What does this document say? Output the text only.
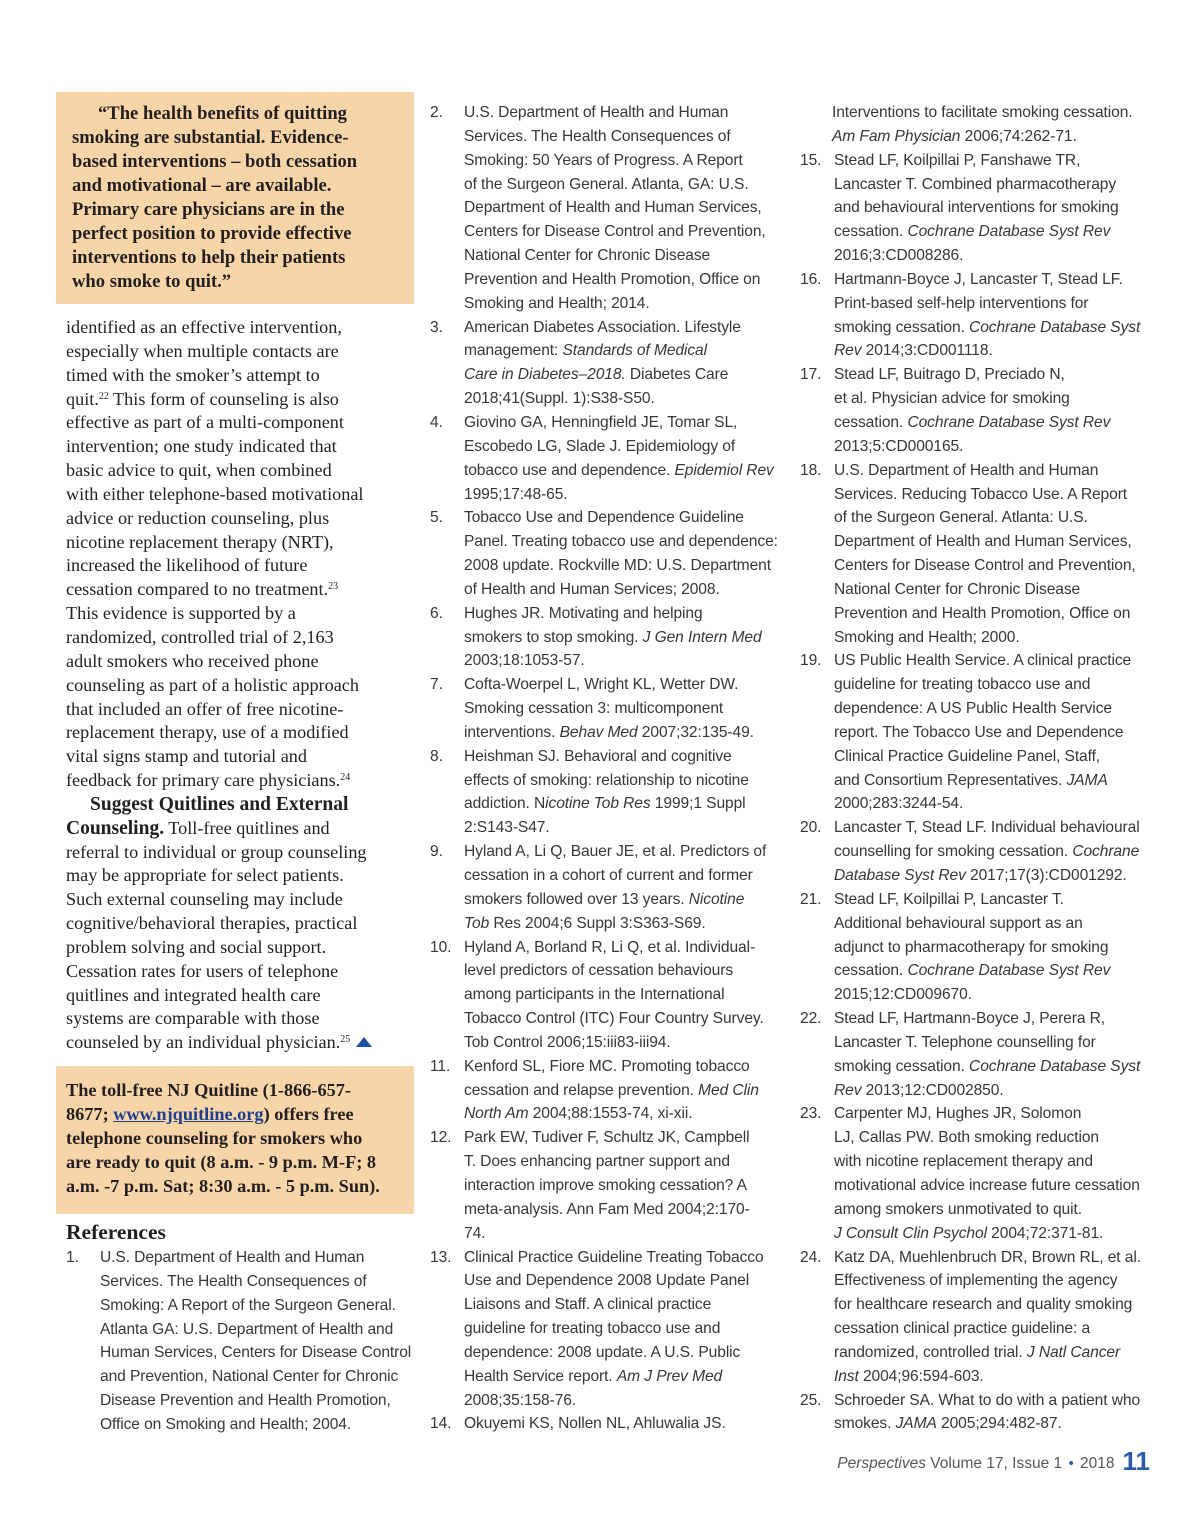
“The health benefits of quitting
smoking are substantial. Evidence-
based interventions – both cessation
and motivational – are available.
Primary care physicians are in the
perfect position to provide effective
interventions to help their patients
who smoke to quit.”
identified as an effective intervention,
especially when multiple contacts are
timed with the smoker’s attempt to
quit.$^{22}$ This form of counseling is also
effective as part of a multi-component
intervention; one study indicated that
basic advice to quit, when combined
with either telephone-based motivational
advice or reduction counseling, plus
nicotine replacement therapy (NRT),
increased the likelihood of future
cessation compared to no treatment.$^{23}$
This evidence is supported by a
randomized, controlled trial of 2,163
adult smokers who received phone
counseling as part of a holistic approach
that included an offer of free nicotine-
replacement therapy, use of a modified
vital signs stamp and tutorial and
feedback for primary care physicians.$^{24}$
Suggest Quitlines and External
Counseling. Toll-free quitlines and
referral to individual or group counseling
may be appropriate for select patients.
Such external counseling may include
cognitive/behavioral therapies, practical
problem solving and social support.
Cessation rates for users of telephone
quitlines and integrated health care
systems are comparable with those
counseled by an individual physician.$^{25}$
The toll-free NJ Quitline (1-866-657-
8677; www.njquitline.org) offers free
telephone counseling for smokers who
are ready to quit (8 a.m. - 9 p.m. M-F; 8
a.m. -7 p.m. Sat; 8:30 a.m. - 5 p.m. Sun).
References
1. U.S. Department of Health and Human
Services. The Health Consequences of
Smoking: A Report of the Surgeon General.
Atlanta GA: U.S. Department of Health and
Human Services, Centers for Disease Control
and Prevention, National Center for Chronic
Disease Prevention and Health Promotion,
Office on Smoking and Health; 2004.
2. U.S. Department of Health and Human
Services. The Health Consequences of
Smoking: 50 Years of Progress. A Report
of the Surgeon General. Atlanta, GA: U.S.
Department of Health and Human Services,
Centers for Disease Control and Prevention,
National Center for Chronic Disease
Prevention and Health Promotion, Office on
Smoking and Health; 2014.
3. American Diabetes Association. Lifestyle
management: Standards of Medical
Care in Diabetes–2018. Diabetes Care
2018;41(Suppl. 1):S38-S50.
4. Giovino GA, Henningfield JE, Tomar SL,
Escobedo LG, Slade J. Epidemiology of
tobacco use and dependence. Epidemiol Rev
1995;17:48-65.
5. Tobacco Use and Dependence Guideline
Panel. Treating tobacco use and dependence:
2008 update. Rockville MD: U.S. Department
of Health and Human Services; 2008.
6. Hughes JR. Motivating and helping
smokers to stop smoking. J Gen Intern Med
2003;18:1053-57.
7. Cofta-Woerpel L, Wright KL, Wetter DW.
Smoking cessation 3: multicomponent
interventions. Behav Med 2007;32:135-49.
8. Heishman SJ. Behavioral and cognitive
effects of smoking: relationship to nicotine
addiction. Nicotine Tob Res 1999;1 Suppl
2:S143-S47.
9. Hyland A, Li Q, Bauer JE, et al. Predictors of
cessation in a cohort of current and former
smokers followed over 13 years. Nicotine
Tob Res 2004;6 Suppl 3:S363-S69.
10. Hyland A, Borland R, Li Q, et al. Individual-
level predictors of cessation behaviours
among participants in the International
Tobacco Control (ITC) Four Country Survey.
Tob Control 2006;15:iii83-iii94.
11. Kenford SL, Fiore MC. Promoting tobacco
cessation and relapse prevention. Med Clin
North Am 2004;88:1553-74, xi-xii.
12. Park EW, Tudiver F, Schultz JK, Campbell
T. Does enhancing partner support and
interaction improve smoking cessation? A
meta-analysis. Ann Fam Med 2004;2:170-
74.
13. Clinical Practice Guideline Treating Tobacco
Use and Dependence 2008 Update Panel
Liaisons and Staff. A clinical practice
guideline for treating tobacco use and
dependence: 2008 update. A U.S. Public
Health Service report. Am J Prev Med
2008;35:158-76.
14. Okuyemi KS, Nollen NL, Ahluwalia JS.
Interventions to facilitate smoking cessation.
Am Fam Physician 2006;74:262-71.
15. Stead LF, Koilpillai P, Fanshawe TR,
Lancaster T. Combined pharmacotherapy
and behavioural interventions for smoking
cessation. Cochrane Database Syst Rev
2016;3:CD008286.
16. Hartmann-Boyce J, Lancaster T, Stead LF.
Print-based self-help interventions for
smoking cessation. Cochrane Database Syst
Rev 2014;3:CD001118.
17. Stead LF, Buitrago D, Preciado N,
et al. Physician advice for smoking
cessation. Cochrane Database Syst Rev
2013;5:CD000165.
18. U.S. Department of Health and Human
Services. Reducing Tobacco Use. A Report
of the Surgeon General. Atlanta: U.S.
Department of Health and Human Services,
Centers for Disease Control and Prevention,
National Center for Chronic Disease
Prevention and Health Promotion, Office on
Smoking and Health; 2000.
19. US Public Health Service. A clinical practice
guideline for treating tobacco use and
dependence: A US Public Health Service
report. The Tobacco Use and Dependence
Clinical Practice Guideline Panel, Staff,
and Consortium Representatives. JAMA
2000;283:3244-54.
20. Lancaster T, Stead LF. Individual behavioural
counselling for smoking cessation. Cochrane
Database Syst Rev 2017;17(3):CD001292.
21. Stead LF, Koilpillai P, Lancaster T.
Additional behavioural support as an
adjunct to pharmacotherapy for smoking
cessation. Cochrane Database Syst Rev
2015;12:CD009670.
22. Stead LF, Hartmann-Boyce J, Perera R,
Lancaster T. Telephone counselling for
smoking cessation. Cochrane Database Syst
Rev 2013;12:CD002850.
23. Carpenter MJ, Hughes JR, Solomon
LJ, Callas PW. Both smoking reduction
with nicotine replacement therapy and
motivational advice increase future cessation
among smokers unmotivated to quit.
J Consult Clin Psychol 2004;72:371-81.
24. Katz DA, Muehlenbruch DR, Brown RL, et al.
Effectiveness of implementing the agency
for healthcare research and quality smoking
cessation clinical practice guideline: a
randomized, controlled trial. J Natl Cancer
Inst 2004;96:594-603.
25. Schroeder SA. What to do with a patient who
smokes. JAMA 2005;294:482-87.
Perspectives Volume 17, Issue 1 • 2018 11
